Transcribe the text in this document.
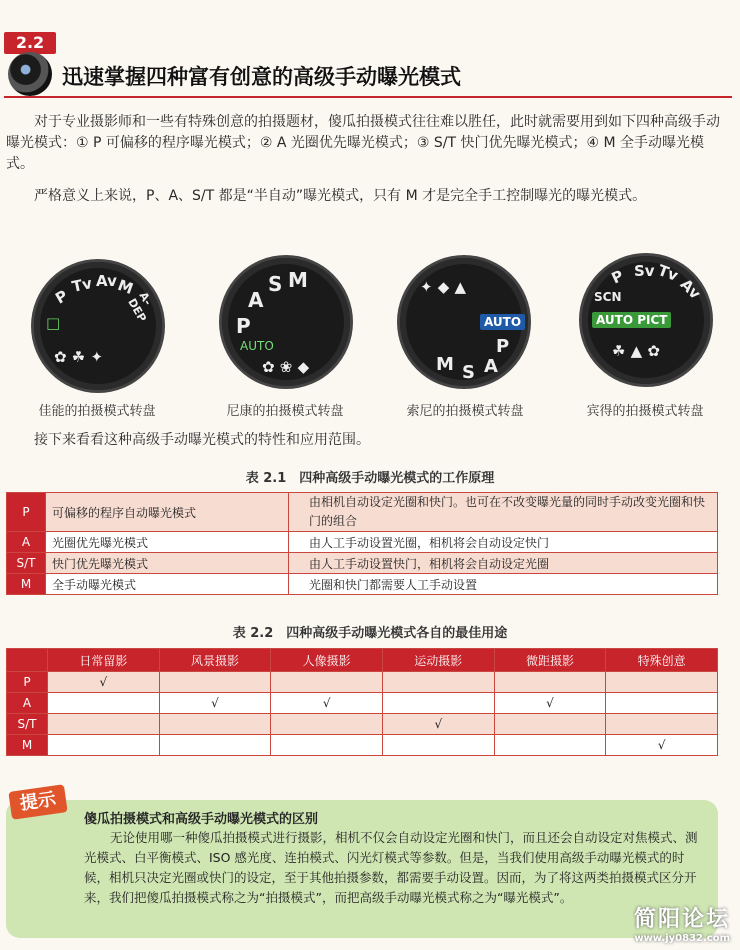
2.2
迅速掌握四种富有创意的高级手动曝光模式
对于专业摄影师和一些有特殊创意的拍摄题材，傻瓜拍摄模式往往难以胜任，此时就需要用到如下四种高级手动曝光模式：① P 可偏移的程序曝光模式；② A 光圈优先曝光模式；③ S/T 快门优先曝光模式；④ M 全手动曝光模式。
严格意义上来说，P、A、S/T 都是“半自动”曝光模式，只有 M 才是完全手工控制曝光的曝光模式。
P
Tv Av
M
A-DEP
□
✿ ☘ ✦
S M
A
P
AUTO
✿ ❀ ◆
✦ ◆ ▲
AUTO
P
A
S
M
P Sv Tv
Av
SCN
AUTO PICT
☘ ▲ ✿
佳能的拍摄模式转盘	尼康的拍摄模式转盘	索尼的拍摄模式转盘	宾得的拍摄模式转盘
接下来看看这种高级手动曝光模式的特性和应用范围。
表 2.1　四种高级手动曝光模式的工作原理
P	可偏移的程序自动曝光模式	由相机自动设定光圈和快门。也可在不改变曝光量的同时手动改变光圈和快门的组合
A	光圈优先曝光模式	由人工手动设置光圈，相机将会自动设定快门
S/T	快门优先曝光模式	由人工手动设置快门，相机将会自动设定光圈
M	全手动曝光模式	光圈和快门都需要人工手动设置
表 2.2　四种高级手动曝光模式各自的最佳用途
	日常留影	风景摄影	人像摄影	运动摄影	微距摄影	特殊创意
P	√					
A		√	√		√	
S/T				√		
M						√
提示
傻瓜拍摄模式和高级手动曝光模式的区别
无论使用哪一种傻瓜拍摄模式进行摄影，相机不仅会自动设定光圈和快门，而且还会自动设定对焦模式、测光模式、白平衡模式、ISO 感光度、连拍模式、闪光灯模式等参数。但是，当我们使用高级手动曝光模式的时候，相机只决定光圈或快门的设定，至于其他拍摄参数，都需要手动设置。因而，为了将这两类拍摄模式区分开来，我们把傻瓜拍摄模式称之为“拍摄模式”，而把高级手动曝光模式称之为“曝光模式”。
简阳论坛
www.jy0832.com
